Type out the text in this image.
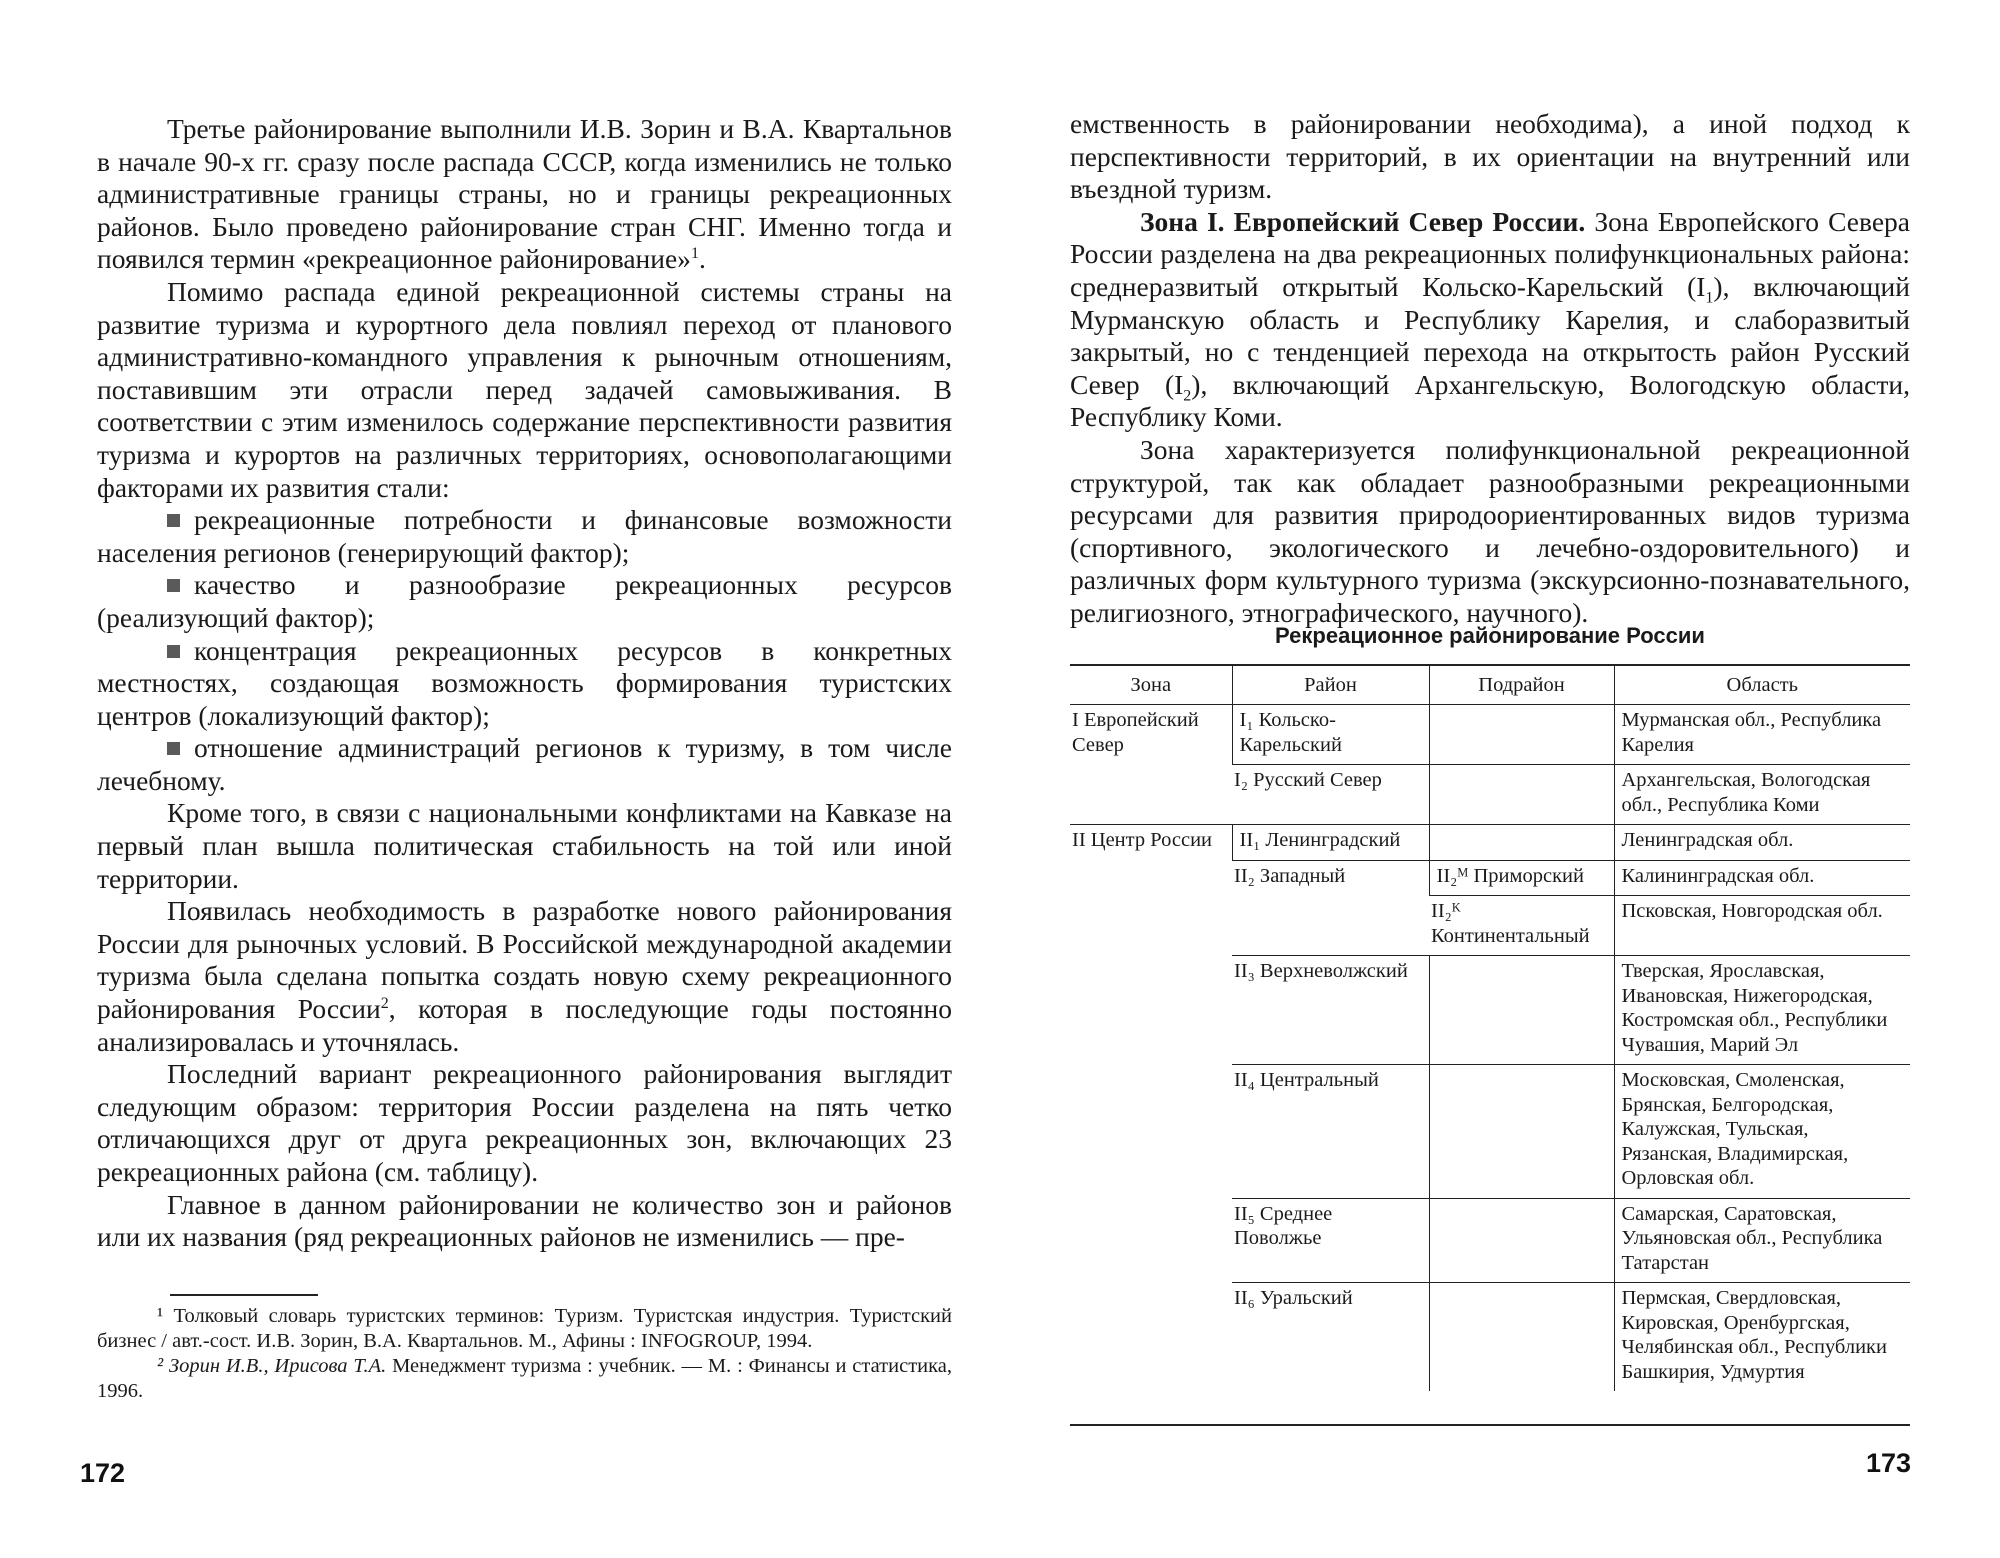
Третье районирование выполнили И.В. Зорин и В.А. Квартальнов в начале 90-х гг. сразу после распада СССР, когда изменились не только административные границы страны, но и границы рекреационных районов. Было проведено районирование стран СНГ. Именно тогда и появился термин «рекреационное районирование»$^1$.

Помимо распада единой рекреационной системы страны на развитие туризма и курортного дела повлиял переход от планового административно-командного управления к рыночным отношениям, поставившим эти отрасли перед задачей самовыживания. В соответствии с этим изменилось содержание перспективности развития туризма и курортов на различных территориях, основополагающими факторами их развития стали:

рекреационные потребности и финансовые возможности населения регионов (генерирующий фактор);

качество и разнообразие рекреационных ресурсов (реализующий фактор);

концентрация рекреационных ресурсов в конкретных местностях, создающая возможность формирования туристских центров (локализующий фактор);

отношение администраций регионов к туризму, в том числе лечебному.

Кроме того, в связи с национальными конфликтами на Кавказе на первый план вышла политическая стабильность на той или иной территории.

Появилась необходимость в разработке нового районирования России для рыночных условий. В Российской международной академии туризма была сделана попытка создать новую схему рекреационного районирования России$^2$, которая в последующие годы постоянно анализировалась и уточнялась.

Последний вариант рекреационного районирования выглядит следующим образом: территория России разделена на пять четко отличающихся друг от друга рекреационных зон, включающих 23 рекреационных района (см. таблицу).

Главное в данном районировании не количество зон и районов или их названия (ряд рекреационных районов не изменились — пре-

¹ Толковый словарь туристских терминов: Туризм. Туристская индустрия. Туристский бизнес / авт.-сост. И.В. Зорин, В.А. Квартальнов. М., Афины : INFOGROUP, 1994.

² Зорин И.В., Ирисова Т.А. Менеджмент туризма : учебник. — М. : Финансы и статистика, 1996.

172

емственность в районировании необходима), а иной подход к перспективности территорий, в их ориентации на внутренний или въездной туризм.

Зона I. Европейский Север России. Зона Европейского Севера России разделена на два рекреационных полифункциональных района: среднеразвитый открытый Кольско-Карельский $(I_1)$, включающий Мурманскую область и Республику Карелия, и слаборазвитый закрытый, но с тенденцией перехода на открытость район Русский Север $(I_2)$, включающий Архангельскую, Вологодскую области, Республику Коми.

Зона характеризуется полифункциональной рекреационной структурой, так как обладает разнообразными рекреационными ресурсами для развития природоориентированных видов туризма (спортивного, экологического и лечебно-оздоровительного) и различных форм культурного туризма (экскурсионно-познавательного, религиозного, этнографического, научного).

Рекреационное районирование России
Зона	Район	Подрайон	Область
I Европейский Север	I₁ Кольско-Карельский		Мурманская обл., Республика Карелия
	I₂ Русский Север		Архангельская, Вологодская обл., Республика Коми
II Центр России	II₁ Ленинградский		Ленинградская обл.
	II₂ Западный	II₂ᴹ Приморский	Калининградская обл.
		II₂ᴷ Континентальный	Псковская, Новгородская обл.
	II₃ Верхневолжский		Тверская, Ярославская, Ивановская, Нижегородская, Костромская обл., Республики Чувашия, Марий Эл
	II₄ Центральный		Московская, Смоленская, Брянская, Белгородская, Калужская, Тульская, Рязанская, Владимирская, Орловская обл.
	II₅ Среднее Поволжье		Самарская, Саратовская, Ульяновская обл., Республика Татарстан
	II₆ Уральский		Пермская, Свердловская, Кировская, Оренбургская, Челябинская обл., Республики Башкирия, Удмуртия
173
